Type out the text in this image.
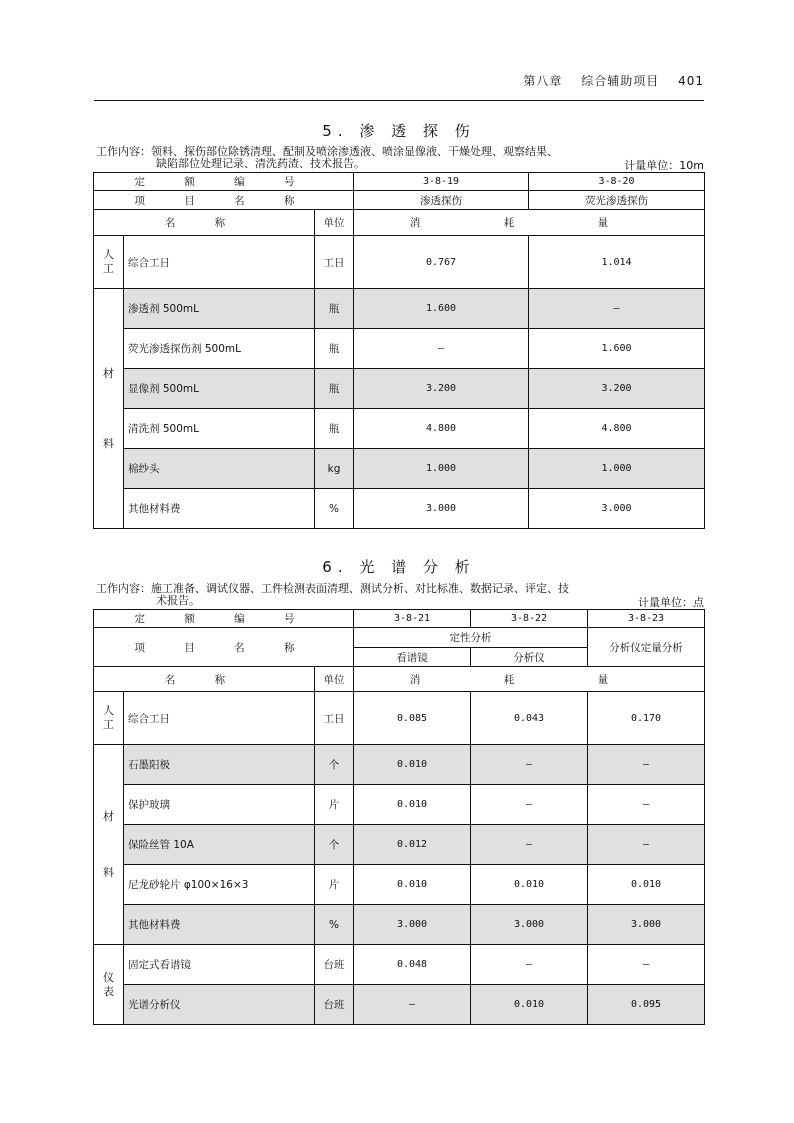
第八章 综合辅助项目 401
5. 渗 透 探 伤
工作内容：领料、探伤部位除锈清理、配制及喷涂渗透液、喷涂显像液、干燥处理、观察结果、
缺陷部位处理记录、清洗药渣、技术报告。	计量单位：10m
定 额 编 号			3-8-19	3-8-20
项 目 名 称			渗透探伤	荧光渗透探伤
名 称		单位	消 耗 量	
人
工	综合工日	工日	0.767	1.014
材

料	渗透剂 500mL	瓶	1.600	—
	荧光渗透探伤剂 500mL	瓶	—	1.600
	显像剂 500mL	瓶	3.200	3.200
	清洗剂 500mL	瓶	4.800	4.800
	棉纱头	kg	1.000	1.000
	其他材料费	%	3.000	3.000
6. 光 谱 分 析
工作内容：施工准备、调试仪器、工件检测表面清理、测试分析、对比标准、数据记录、评定、技
术报告。	计量单位：点
定 额 编 号			3-8-21	3-8-22	3-8-23
项 目 名 称			定性分析		分析仪定量分析
			看谱镜	分析仪	
名 称		单位	消 耗 量		
人
工	综合工日	工日	0.085	0.043	0.170
材

料	石墨阳极	个	0.010	—	—
	保护玻璃	片	0.010	—	—
	保险丝管 10A	个	0.012	—	—
	尼龙砂轮片 φ100×16×3	片	0.010	0.010	0.010
	其他材料费	%	3.000	3.000	3.000
仪
表	固定式看谱镜	台班	0.048	—	—
	光谱分析仪	台班	—	0.010	0.095
